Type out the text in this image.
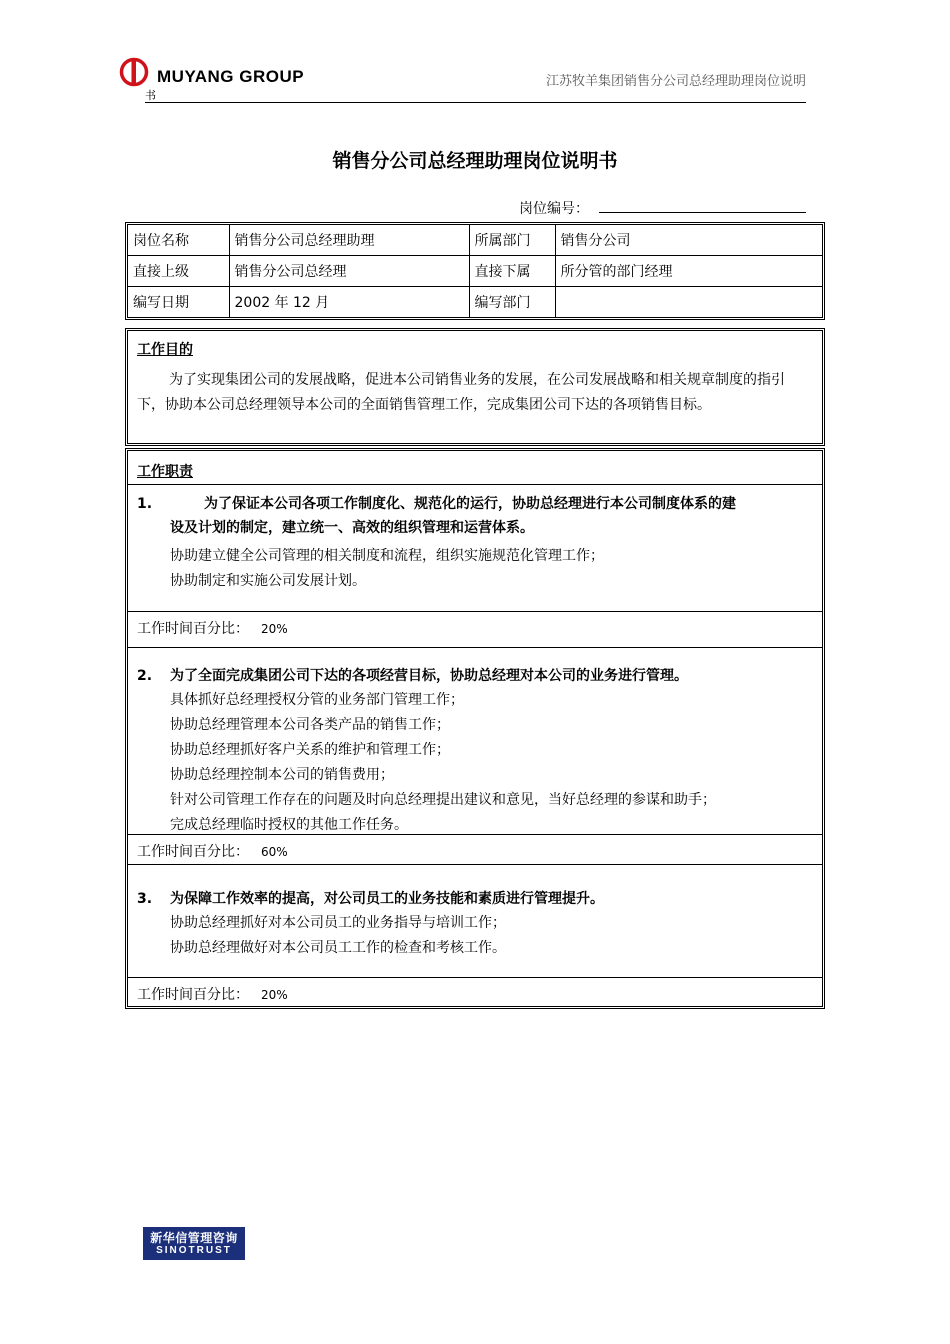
MUYANG GROUP
书
江苏牧羊集团销售分公司总经理助理岗位说明
销售分公司总经理助理岗位说明书
岗位编号：
岗位名称	销售分公司总经理助理	所属部门	销售分公司
直接上级	销售分公司总经理	直接下属	所分管的部门经理
编写日期	2002 年 12 月	编写部门	
工作目的
为了实现集团公司的发展战略，促进本公司销售业务的发展，在公司发展战略和相关规章制度的指引下，协助本公司总经理领导本公司的全面销售管理工作，完成集团公司下达的各项销售目标。
工作职责
1.	为了保证本公司各项工作制度化、规范化的运行，协助总经理进行本公司制度体系的建
设及计划的制定，建立统一、高效的组织管理和运营体系。
协助建立健全公司管理的相关制度和流程，组织实施规范化管理工作；
协助制定和实施公司发展计划。
工作时间百分比： 20%
2. 为了全面完成集团公司下达的各项经营目标，协助总经理对本公司的业务进行管理。
具体抓好总经理授权分管的业务部门管理工作；
协助总经理管理本公司各类产品的销售工作；
协助总经理抓好客户关系的维护和管理工作；
协助总经理控制本公司的销售费用；
针对公司管理工作存在的问题及时向总经理提出建议和意见，当好总经理的参谋和助手；
完成总经理临时授权的其他工作任务。
工作时间百分比： 60%
3. 为保障工作效率的提高，对公司员工的业务技能和素质进行管理提升。
协助总经理抓好对本公司员工的业务指导与培训工作；
协助总经理做好对本公司员工工作的检查和考核工作。
工作时间百分比： 20%
新华信管理咨询
SINOTRUST
